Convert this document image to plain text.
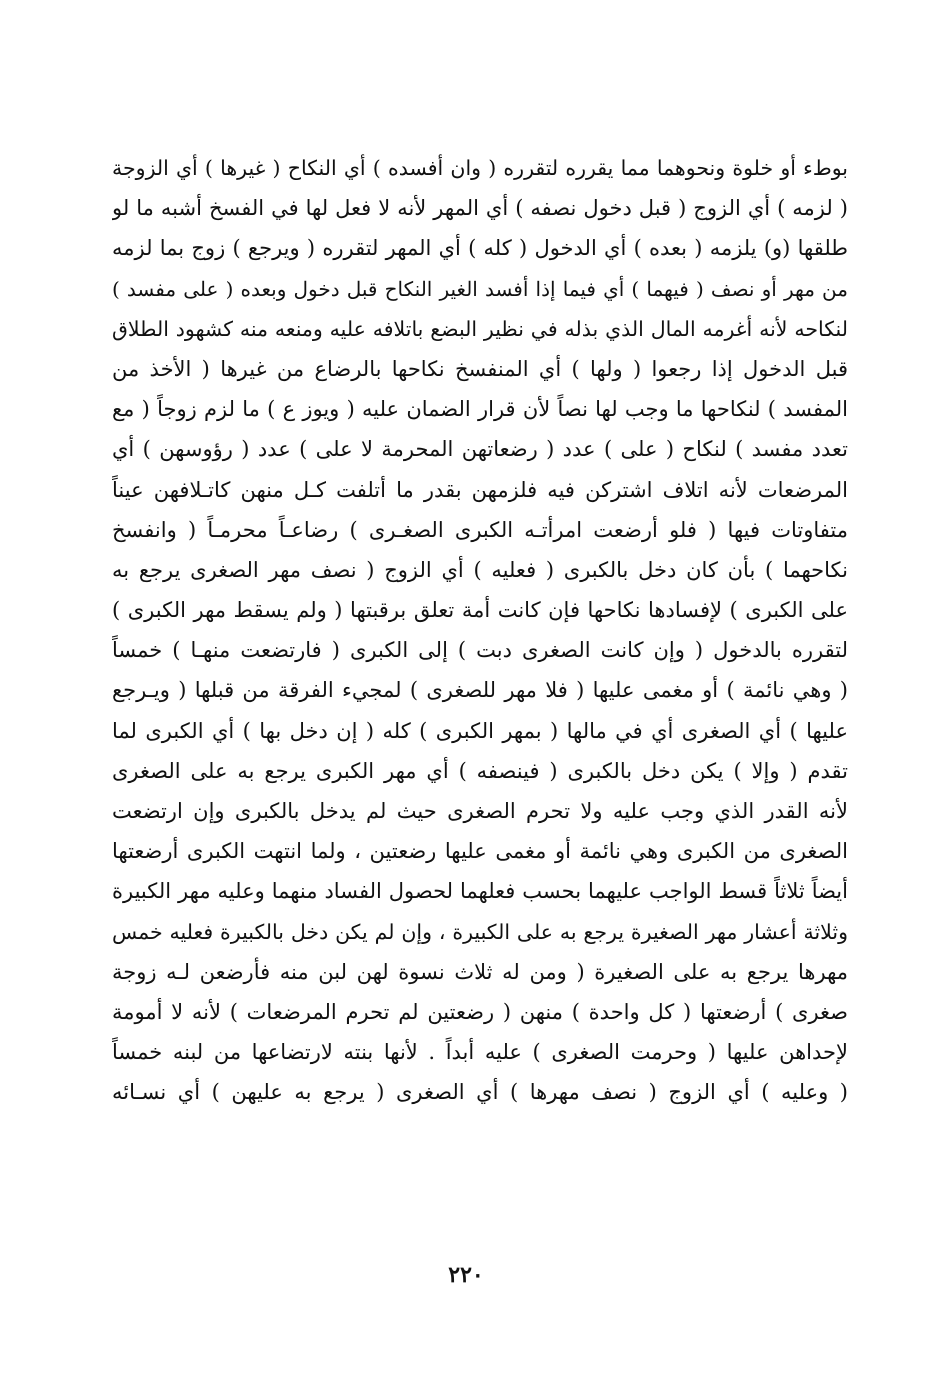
بوطء أو خلوة ونحوهما مما يقرره لتقرره ( وان أفسده ) أي النكاح ( غيرها ) أي الزوجة
( لزمه ) أي الزوج ( قبل دخول نصفه ) أي المهر لأنه لا فعل لها في الفسخ أشبه ما لو
طلقها (و) يلزمه ( بعده ) أي الدخول ( كله ) أي المهر لتقرره ( ويرجع ) زوج بما لزمه
من مهر أو نصف ( فيهما ) أي فيما إذا أفسد الغير النكاح قبل دخول وبعده ( على مفسد )
لنكاحه لأنه أغرمه المال الذي بذله في نظير البضع باتلافه عليه ومنعه منه كشهود الطلاق
قبل الدخول إذا رجعوا ( ولها ) أي المنفسخ نكاحها بالرضاع من غيرها ( الأخذ من
المفسد ) لنكاحها ما وجب لها نصاً لأن قرار الضمان عليه ( ويوز ع ) ما لزم زوجاً ( مع
تعدد مفسد ) لنكاح ( على ) عدد ( رضعاتهن المحرمة لا على ) عدد ( رؤوسهن ) أي
المرضعات لأنه اتلاف اشتركن فيه فلزمهن بقدر ما أتلفت كـل منهن كاتـلافهن عيناً
متفاوتات فيها ( فلو أرضعت امرأتـه الكبرى الصغـرى ) رضاعـاً محرمـاً ( وانفسخ
نكاحهما ) بأن كان دخل بالكبرى ( فعليه ) أي الزوج ( نصف مهر الصغرى يرجع به
على الكبرى ) لإفسادها نكاحها فإن كانت أمة تعلق برقبتها ( ولم يسقط مهر الكبرى )
لتقرره بالدخول ( وإن كانت الصغرى دبت ) إلى الكبرى ( فارتضعت منهـا ) خمساً
( وهي نائمة ) أو مغمى عليها ( فلا مهر للصغرى ) لمجيء الفرقة من قبلها ( ويـرجع
عليها ) أي الصغرى أي في مالها ( بمهر الكبرى ) كله ( إن دخل بها ) أي الكبرى لما
تقدم ( وإلا ) يكن دخل بالكبرى ( فينصفه ) أي مهر الكبرى يرجع به على الصغرى
لأنه القدر الذي وجب عليه ولا تحرم الصغرى حيث لم يدخل بالكبرى وإن ارتضعت
الصغرى من الكبرى وهي نائمة أو مغمى عليها رضعتين ، ولما انتهت الكبرى أرضعتها
أيضاً ثلاثاً قسط الواجب عليهما بحسب فعلهما لحصول الفساد منهما وعليه مهر الكبيرة
وثلاثة أعشار مهر الصغيرة يرجع به على الكبيرة ، وإن لم يكن دخل بالكبيرة فعليه خمس
مهرها يرجع به على الصغيرة ( ومن له ثلاث نسوة لهن لبن منه فأرضعن لـه زوجة
صغرى ) أرضعتها ( كل واحدة ) منهن ( رضعتين لم تحرم المرضعات ) لأنه لا أمومة
لإحداهن عليها ( وحرمت الصغرى ) عليه أبداً . لأنها بنته لارتضاعها من لبنه خمساً
( وعليه ) أي الزوج ( نصف مهرها ) أي الصغرى ( يرجع به عليهن ) أي نسـائه
٢٢٠
